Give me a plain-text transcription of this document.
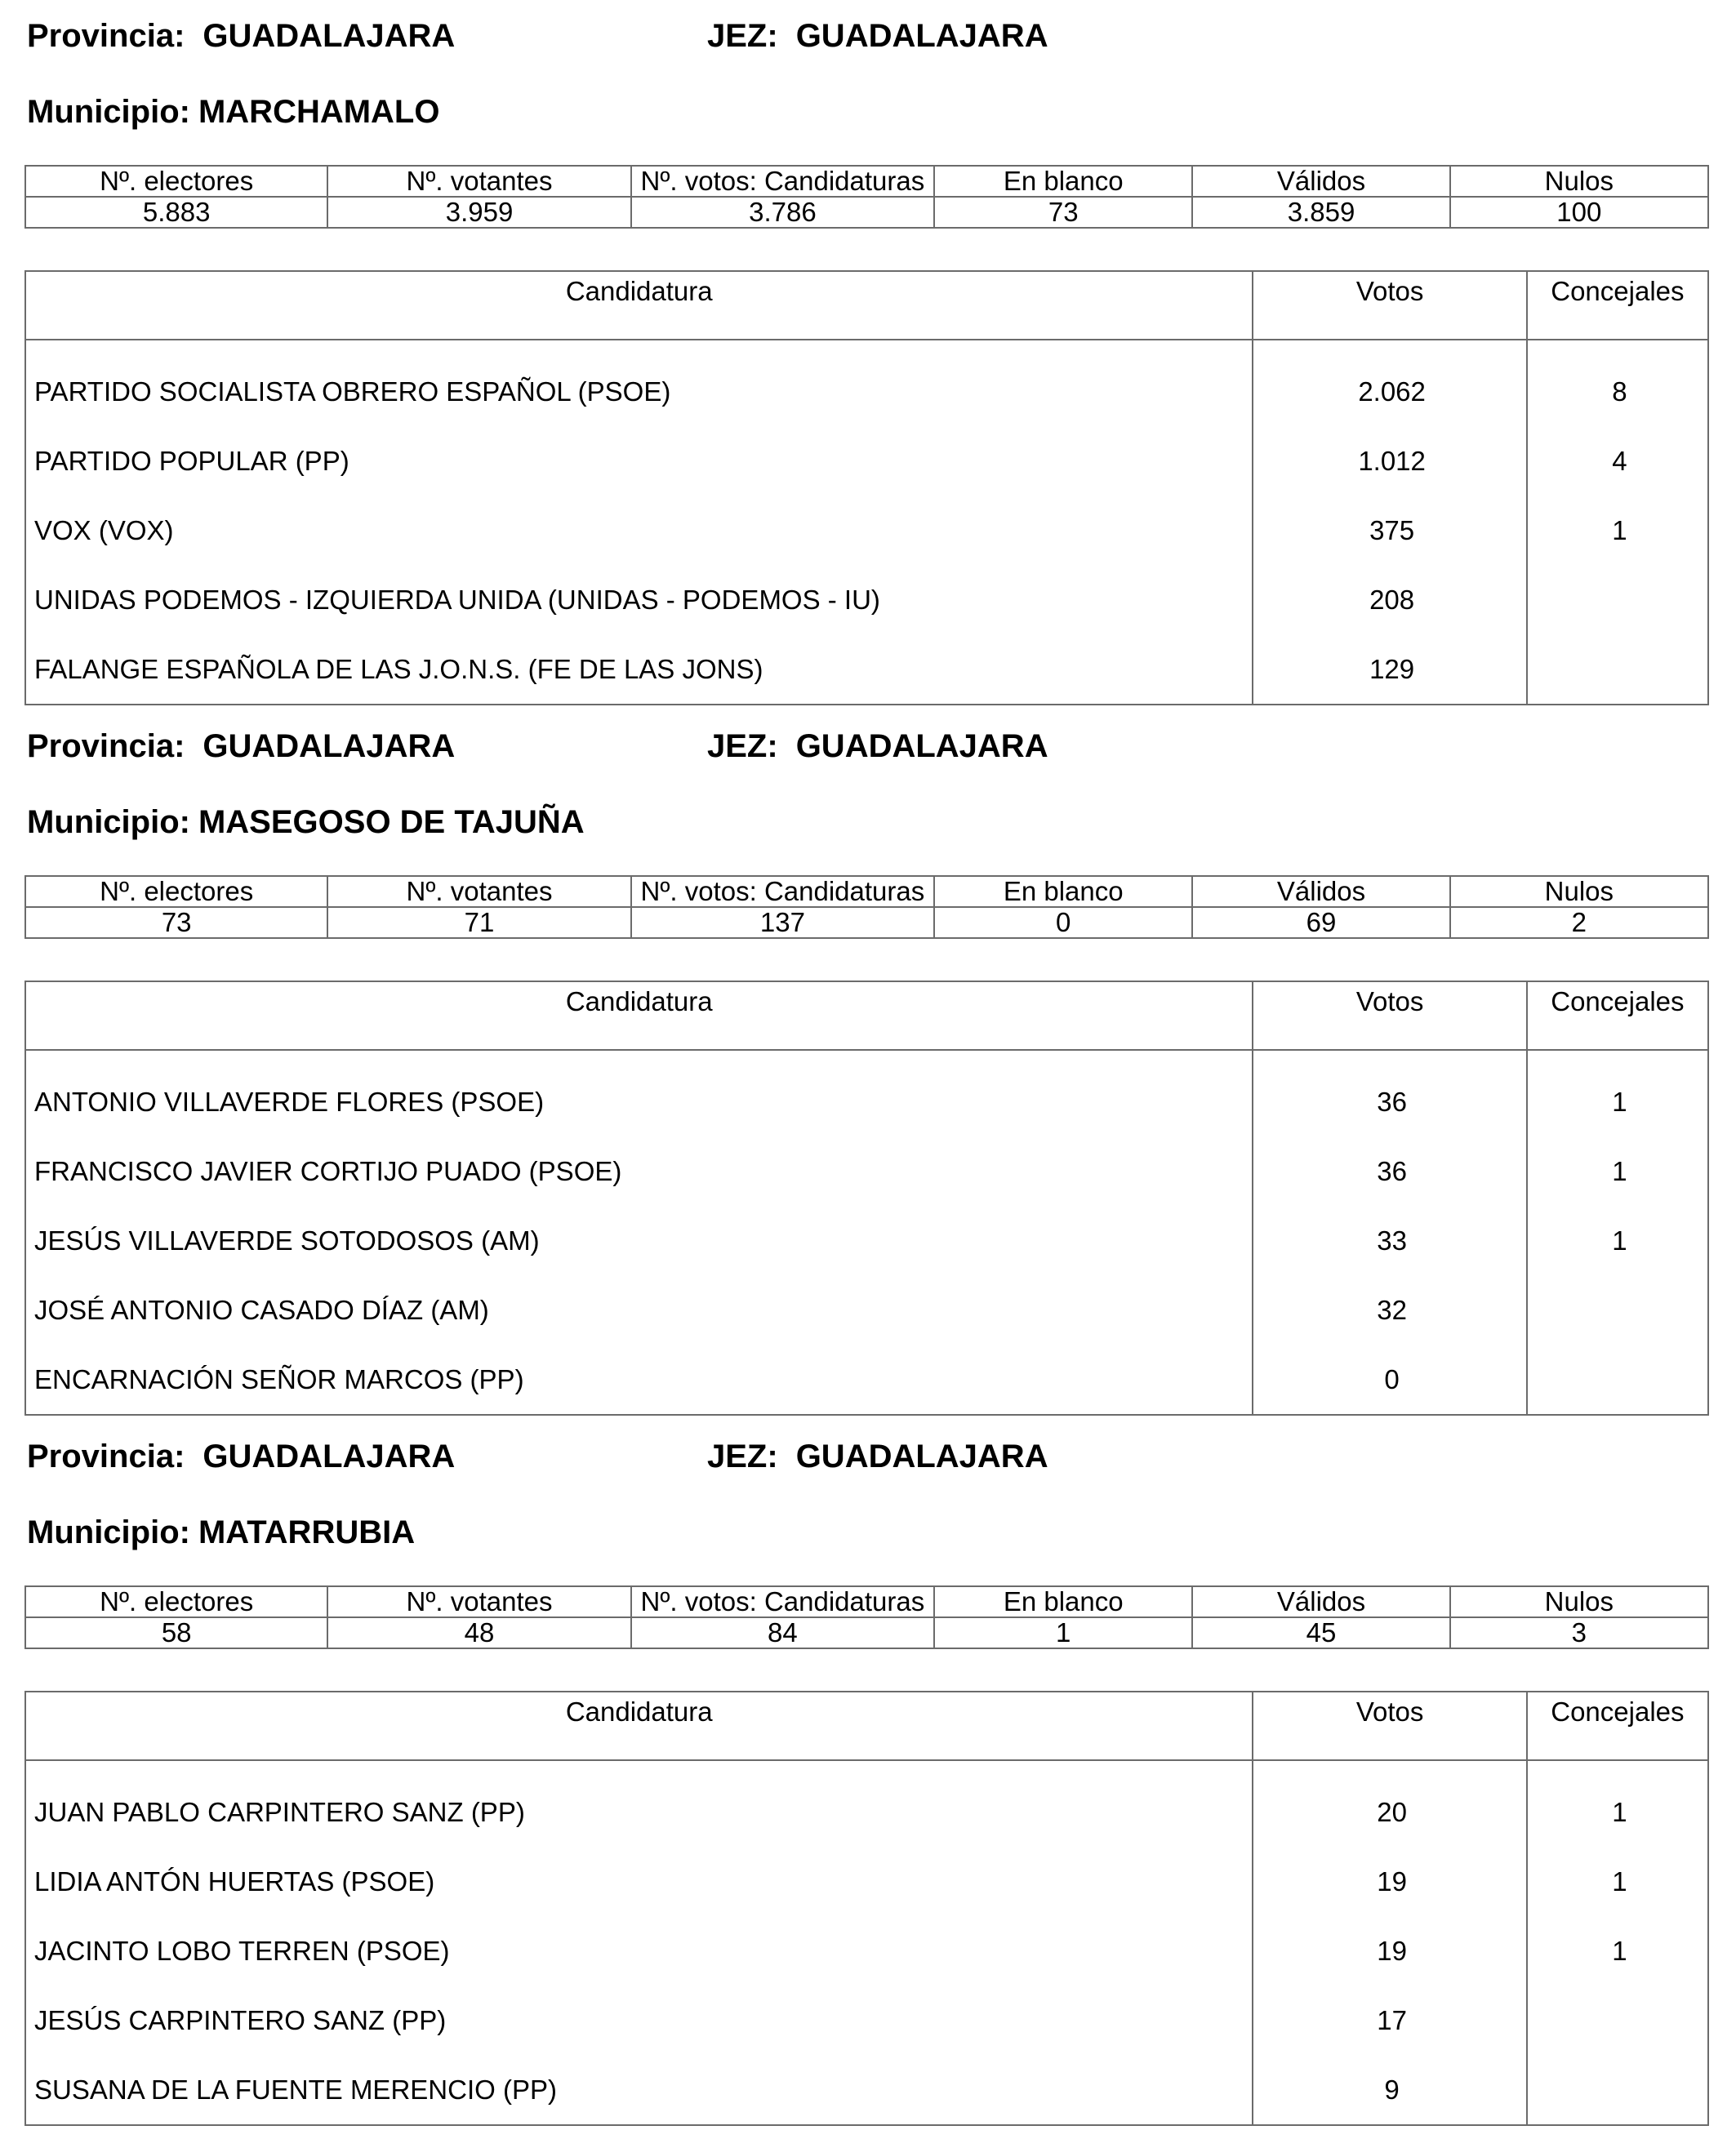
Provincia: GUADALAJARA	JEZ: GUADALAJARA
Municipio: MARCHAMALO
Nº. electores	Nº. votantes	Nº. votos: Candidaturas	En blanco	Válidos	Nulos
5.883	3.959	3.786	73	3.859	100
Candidatura	Votos	Concejales
PARTIDO SOCIALISTA OBRERO ESPAÑOL (PSOE)	2.062	8
PARTIDO POPULAR (PP)	1.012	4
VOX (VOX)	375	1
UNIDAS PODEMOS - IZQUIERDA UNIDA (UNIDAS - PODEMOS - IU)	208	
FALANGE ESPAÑOLA DE LAS J.O.N.S. (FE DE LAS JONS)	129	
Provincia: GUADALAJARA	JEZ: GUADALAJARA
Municipio: MASEGOSO DE TAJUÑA
Nº. electores	Nº. votantes	Nº. votos: Candidaturas	En blanco	Válidos	Nulos
73	71	137	0	69	2
Candidatura	Votos	Concejales
ANTONIO VILLAVERDE FLORES (PSOE)	36	1
FRANCISCO JAVIER CORTIJO PUADO (PSOE)	36	1
JESÚS VILLAVERDE SOTODOSOS (AM)	33	1
JOSÉ ANTONIO CASADO DÍAZ (AM)	32	
ENCARNACIÓN SEÑOR MARCOS (PP)	0	
Provincia: GUADALAJARA	JEZ: GUADALAJARA
Municipio: MATARRUBIA
Nº. electores	Nº. votantes	Nº. votos: Candidaturas	En blanco	Válidos	Nulos
58	48	84	1	45	3
Candidatura	Votos	Concejales
JUAN PABLO CARPINTERO SANZ (PP)	20	1
LIDIA ANTÓN HUERTAS (PSOE)	19	1
JACINTO LOBO TERREN (PSOE)	19	1
JESÚS CARPINTERO SANZ (PP)	17	
SUSANA DE LA FUENTE MERENCIO (PP)	9	
